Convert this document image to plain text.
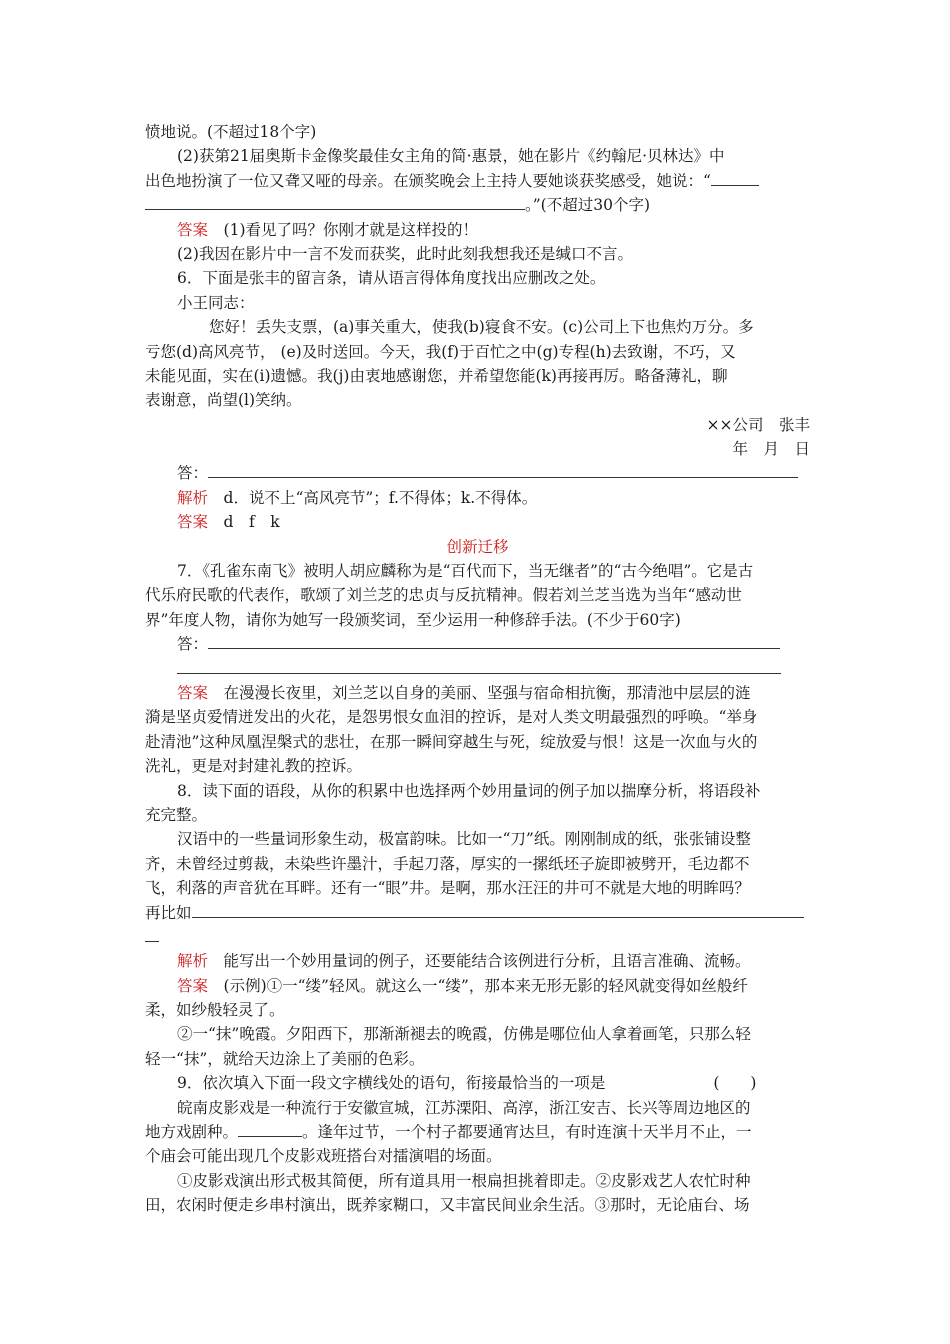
愤地说。(不超过18个字)
(2)获第21届奥斯卡金像奖最佳女主角的简·惠景，她在影片《约翰尼·贝林达》中
出色地扮演了一位又聋又哑的母亲。在颁奖晚会上主持人要她谈获奖感受，她说：“
。”(不超过30个字)
答案　 (1)看见了吗？你刚才就是这样投的！
(2)我因在影片中一言不发而获奖，此时此刻我想我还是缄口不言。
6．下面是张丰的留言条，请从语言得体角度找出应删改之处。
小王同志：
您好！丢失支票，(a)事关重大，使我(b)寝食不安。(c)公司上下也焦灼万分。多
亏您(d)高风亮节， (e)及时送回。今天，我(f)于百忙之中(g)专程(h)去致谢，不巧，又
未能见面，实在(i)遗憾。我(j)由衷地感谢您，并希望您能(k)再接再厉。略备薄礼，聊
表谢意，尚望(l)笑纳。
××公司　张丰
年　月　日
答：
解析　 d．说不上“高风亮节”；f.不得体；k.不得体。
答案　 d　f　k
创新迁移
7．《孔雀东南飞》被明人胡应麟称为是“百代而下，当无继者”的“古今绝唱”。它是古
代乐府民歌的代表作，歌颂了刘兰芝的忠贞与反抗精神。假若刘兰芝当选为当年“感动世
界”年度人物，请你为她写一段颁奖词，至少运用一种修辞手法。(不少于60字)
答：
答案　 在漫漫长夜里，刘兰芝以自身的美丽、坚强与宿命相抗衡，那清池中层层的涟
漪是坚贞爱情迸发出的火花，是怨男恨女血泪的控诉，是对人类文明最强烈的呼唤。“举身
赴清池”这种凤凰涅槃式的悲壮，在那一瞬间穿越生与死，绽放爱与恨！这是一次血与火的
洗礼，更是对封建礼教的控诉。
8．读下面的语段，从你的积累中也选择两个妙用量词的例子加以揣摩分析，将语段补
充完整。
汉语中的一些量词形象生动，极富韵味。比如一“刀”纸。刚刚制成的纸，张张铺设整
齐，未曾经过剪裁，未染些许墨汁，手起刀落，厚实的一摞纸坯子旋即被劈开，毛边都不
飞，利落的声音犹在耳畔。还有一“眼”井。是啊，那水汪汪的井可不就是大地的明眸吗？
再比如
解析　 能写出一个妙用量词的例子，还要能结合该例进行分析，且语言准确、流畅。
答案　 (示例)①一“缕”轻风。就这么一“缕”，那本来无形无影的轻风就变得如丝般纤
柔，如纱般轻灵了。
②一“抹”晚霞。夕阳西下，那渐渐褪去的晚霞，仿佛是哪位仙人拿着画笔，只那么轻
轻一“抹”，就给天边涂上了美丽的色彩。
9．依次填入下面一段文字横线处的语句，衔接最恰当的一项是	(　　)
皖南皮影戏是一种流行于安徽宣城，江苏溧阳、高淳，浙江安吉、长兴等周边地区的
地方戏剧种。	。逢年过节，一个村子都要通宵达旦，有时连演十天半月不止，一
个庙会可能出现几个皮影戏班搭台对擂演唱的场面。
①皮影戏演出形式极其简便，所有道具用一根扁担挑着即走。②皮影戏艺人农忙时种
田，农闲时便走乡串村演出，既养家糊口，又丰富民间业余生活。③那时，无论庙台、场
